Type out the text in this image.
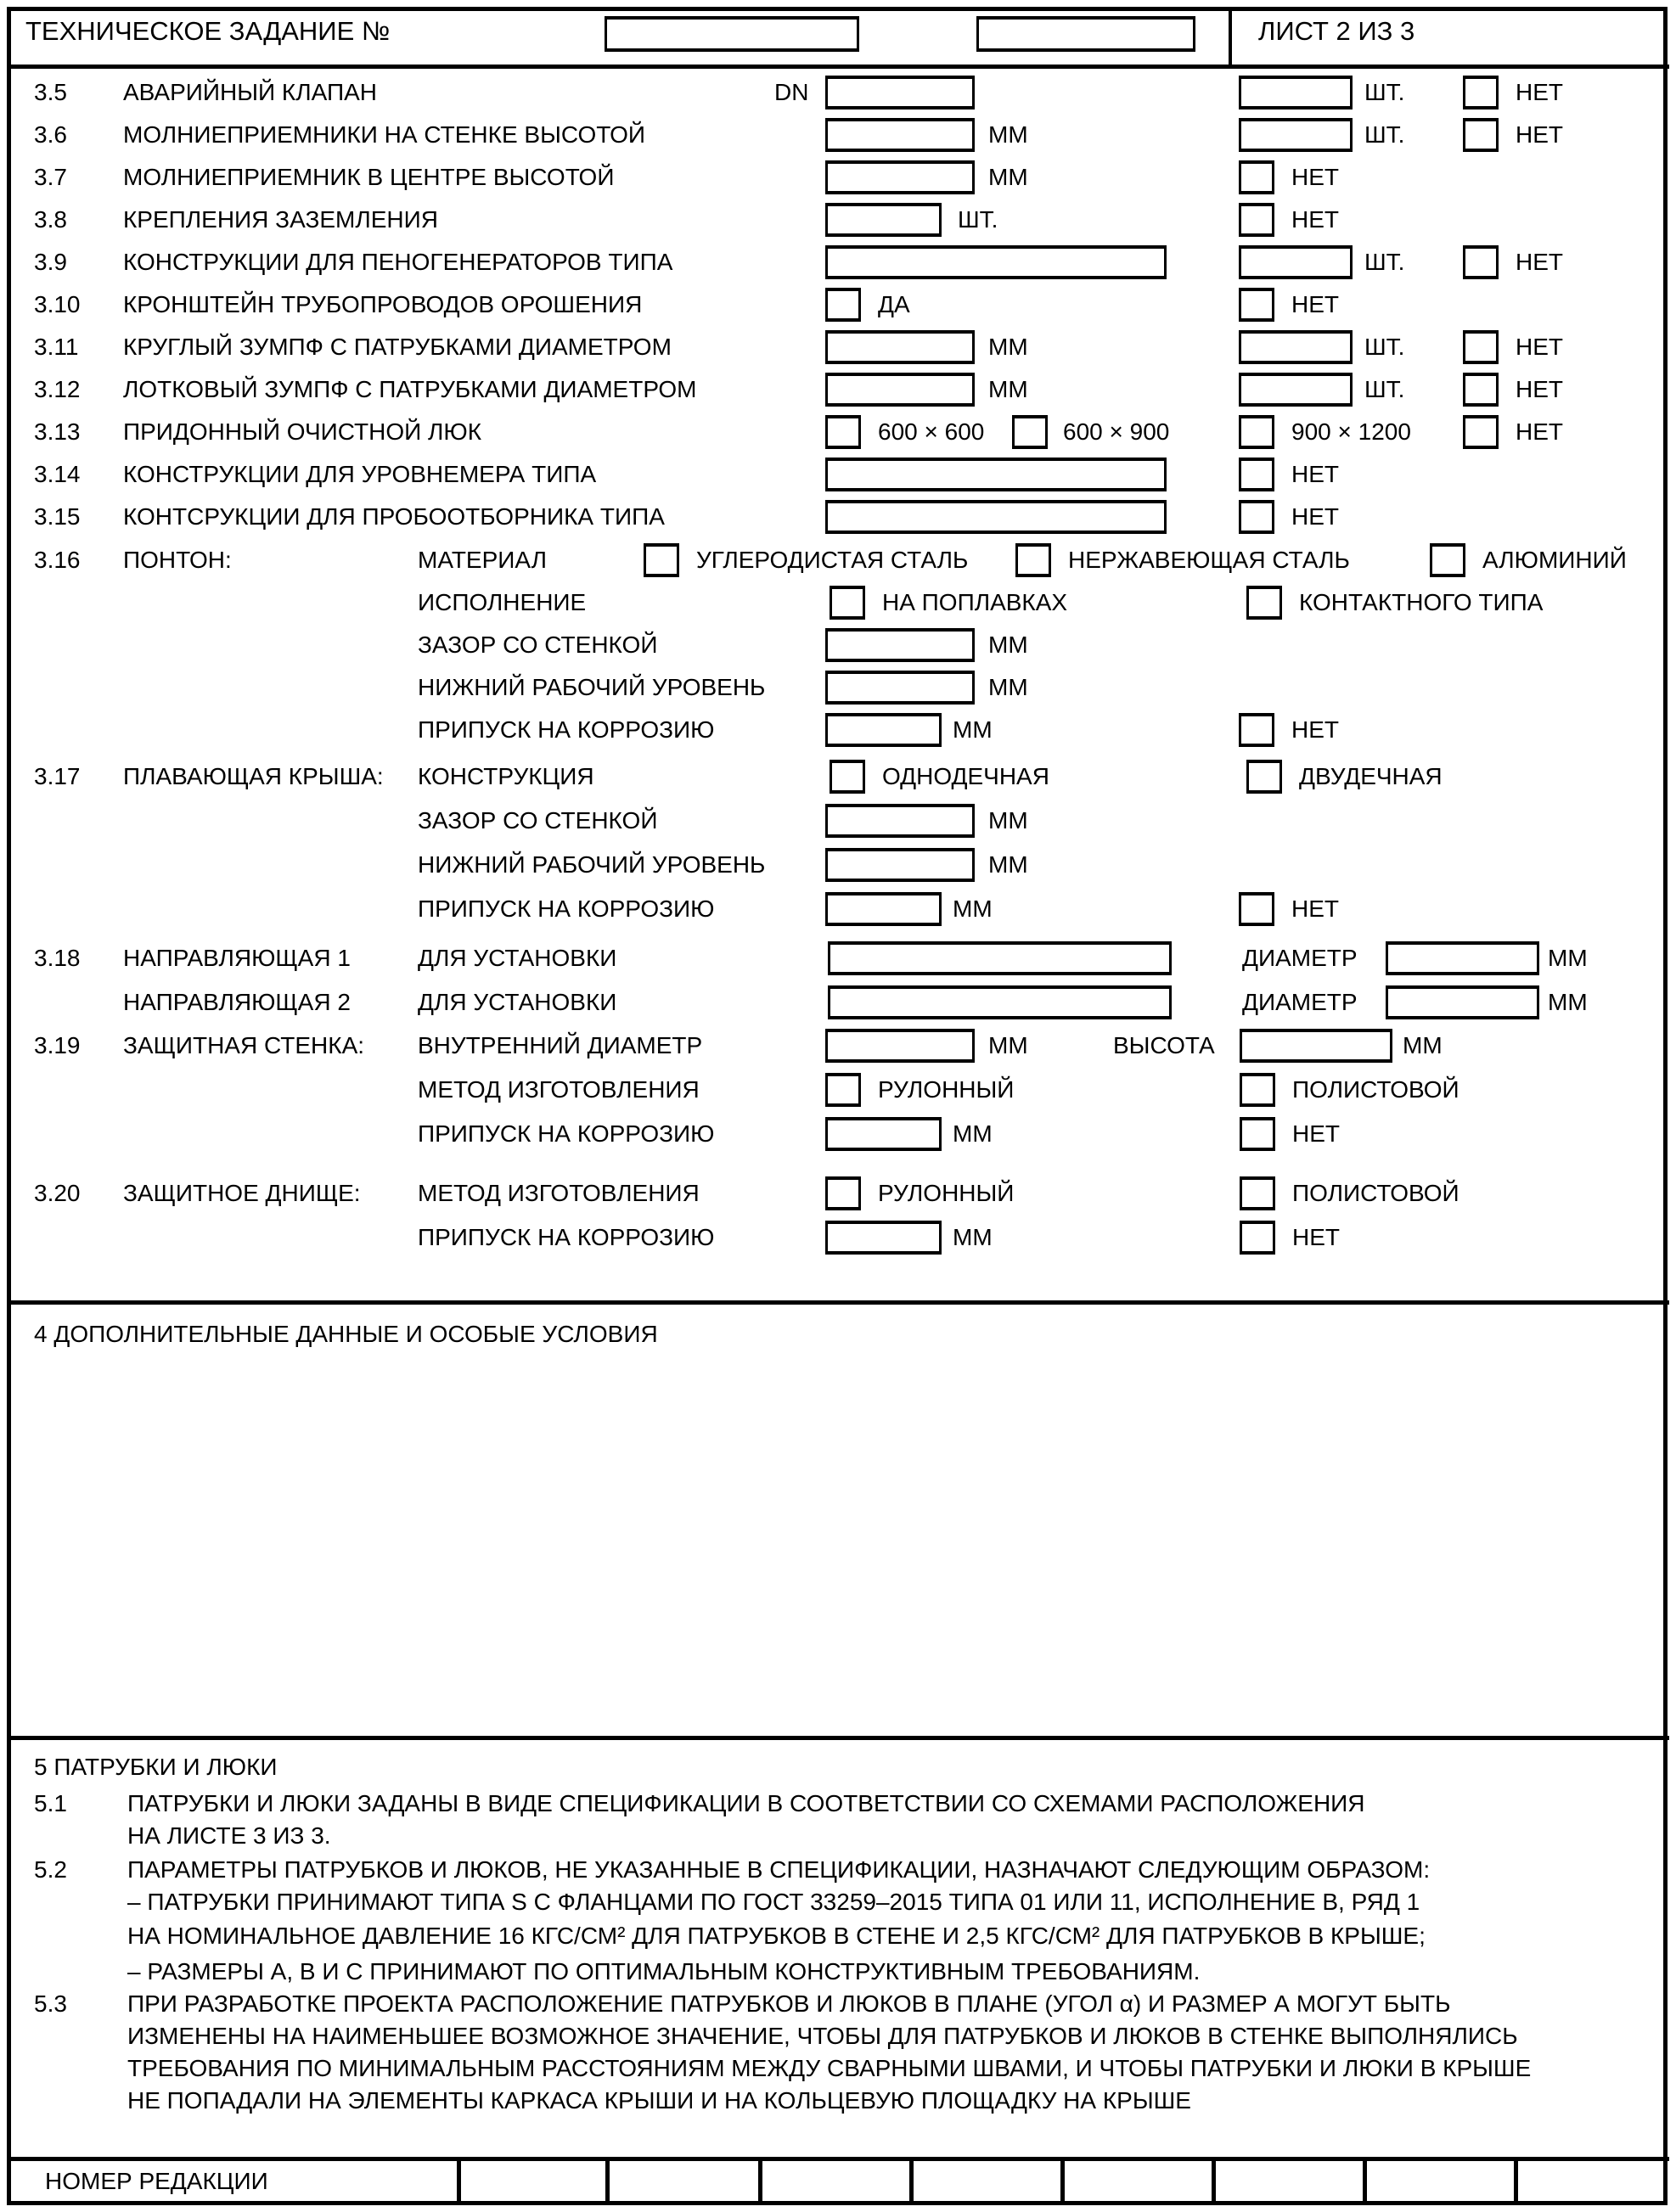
ТЕХНИЧЕСКОЕ ЗАДАНИЕ №	ЛИСТ 2 ИЗ 3
3.5 АВАРИЙНЫЙ КЛАПАН	DN	ШТ.	НЕТ
3.6 МОЛНИЕПРИЕМНИКИ НА СТЕНКЕ ВЫСОТОЙ	ММ	ШТ.	НЕТ
3.7 МОЛНИЕПРИЕМНИК В ЦЕНТРЕ ВЫСОТОЙ	ММ	НЕТ
3.8 КРЕПЛЕНИЯ ЗАЗЕМЛЕНИЯ	ШТ.	НЕТ
3.9 КОНСТРУКЦИИ ДЛЯ ПЕНОГЕНЕРАТОРОВ ТИПА	ШТ.	НЕТ
3.10 КРОНШТЕЙН ТРУБОПРОВОДОВ ОРОШЕНИЯ	ДА	НЕТ
3.11 КРУГЛЫЙ ЗУМПФ С ПАТРУБКАМИ ДИАМЕТРОМ	ММ	ШТ.	НЕТ
3.12 ЛОТКОВЫЙ ЗУМПФ С ПАТРУБКАМИ ДИАМЕТРОМ	ММ	ШТ.	НЕТ
3.13 ПРИДОННЫЙ ОЧИСТНОЙ ЛЮК	600 × 600	600 × 900	900 × 1200	НЕТ
3.14 КОНСТРУКЦИИ ДЛЯ УРОВНЕМЕРА ТИПА	НЕТ
3.15 КОНТСРУКЦИИ ДЛЯ ПРОБООТБОРНИКА ТИПА	НЕТ
3.16 ПОНТОН:	МАТЕРИАЛ	УГЛЕРОДИСТАЯ СТАЛЬ	НЕРЖАВЕЮЩАЯ СТАЛЬ	АЛЮМИНИЙ
ИСПОЛНЕНИЕ	НА ПОПЛАВКАХ	КОНТАКТНОГО ТИПА
ЗАЗОР СО СТЕНКОЙ	ММ
НИЖНИЙ РАБОЧИЙ УРОВЕНЬ	ММ
ПРИПУСК НА КОРРОЗИЮ	ММ	НЕТ
3.17 ПЛАВАЮЩАЯ КРЫША: КОНСТРУКЦИЯ	ОДНОДЕЧНАЯ	ДВУДЕЧНАЯ
ЗАЗОР СО СТЕНКОЙ	ММ
НИЖНИЙ РАБОЧИЙ УРОВЕНЬ	ММ
ПРИПУСК НА КОРРОЗИЮ	ММ	НЕТ
3.18 НАПРАВЛЯЮЩАЯ 1	ДЛЯ УСТАНОВКИ	ДИАМЕТР	ММ
НАПРАВЛЯЮЩАЯ 2	ДЛЯ УСТАНОВКИ	ДИАМЕТР	ММ
3.19 ЗАЩИТНАЯ СТЕНКА: ВНУТРЕННИЙ ДИАМЕТР	ММ	ВЫСОТА	ММ
МЕТОД ИЗГОТОВЛЕНИЯ	РУЛОННЫЙ	ПОЛИСТОВОЙ
ПРИПУСК НА КОРРОЗИЮ	ММ	НЕТ
3.20 ЗАЩИТНОЕ ДНИЩЕ: МЕТОД ИЗГОТОВЛЕНИЯ	РУЛОННЫЙ	ПОЛИСТОВОЙ
ПРИПУСК НА КОРРОЗИЮ	ММ	НЕТ
4 ДОПОЛНИТЕЛЬНЫЕ ДАННЫЕ И ОСОБЫЕ УСЛОВИЯ
5 ПАТРУБКИ И ЛЮКИ
5.1	ПАТРУБКИ И ЛЮКИ ЗАДАНЫ В ВИДЕ СПЕЦИФИКАЦИИ В СООТВЕТСТВИИ СО СХЕМАМИ РАСПОЛОЖЕНИЯ
НА ЛИСТЕ 3 ИЗ 3.
5.2	ПАРАМЕТРЫ ПАТРУБКОВ И ЛЮКОВ, НЕ УКАЗАННЫЕ В СПЕЦИФИКАЦИИ, НАЗНАЧАЮТ СЛЕДУЮЩИМ ОБРАЗОМ:
– ПАТРУБКИ ПРИНИМАЮТ ТИПА S С ФЛАНЦАМИ ПО ГОСТ 33259–2015 ТИПА 01 ИЛИ 11, ИСПОЛНЕНИЕ В, РЯД 1
НА НОМИНАЛЬНОЕ ДАВЛЕНИЕ 16 КГС/СМ² ДЛЯ ПАТРУБКОВ В СТЕНЕ И 2,5 КГС/СМ² ДЛЯ ПАТРУБКОВ В КРЫШЕ;
– РАЗМЕРЫ А, В И С ПРИНИМАЮТ ПО ОПТИМАЛЬНЫМ КОНСТРУКТИВНЫМ ТРЕБОВАНИЯМ.
5.3	ПРИ РАЗРАБОТКЕ ПРОЕКТА РАСПОЛОЖЕНИЕ ПАТРУБКОВ И ЛЮКОВ В ПЛАНЕ (УГОЛ α) И РАЗМЕР А МОГУТ БЫТЬ
ИЗМЕНЕНЫ НА НАИМЕНЬШЕЕ ВОЗМОЖНОЕ ЗНАЧЕНИЕ, ЧТОБЫ ДЛЯ ПАТРУБКОВ И ЛЮКОВ В СТЕНКЕ ВЫПОЛНЯЛИСЬ
ТРЕБОВАНИЯ ПО МИНИМАЛЬНЫМ РАССТОЯНИЯМ МЕЖДУ СВАРНЫМИ ШВАМИ, И ЧТОБЫ ПАТРУБКИ И ЛЮКИ В КРЫШЕ
НЕ ПОПАДАЛИ НА ЭЛЕМЕНТЫ КАРКАСА КРЫШИ И НА КОЛЬЦЕВУЮ ПЛОЩАДКУ НА КРЫШЕ
НОМЕР РЕДАКЦИИ
